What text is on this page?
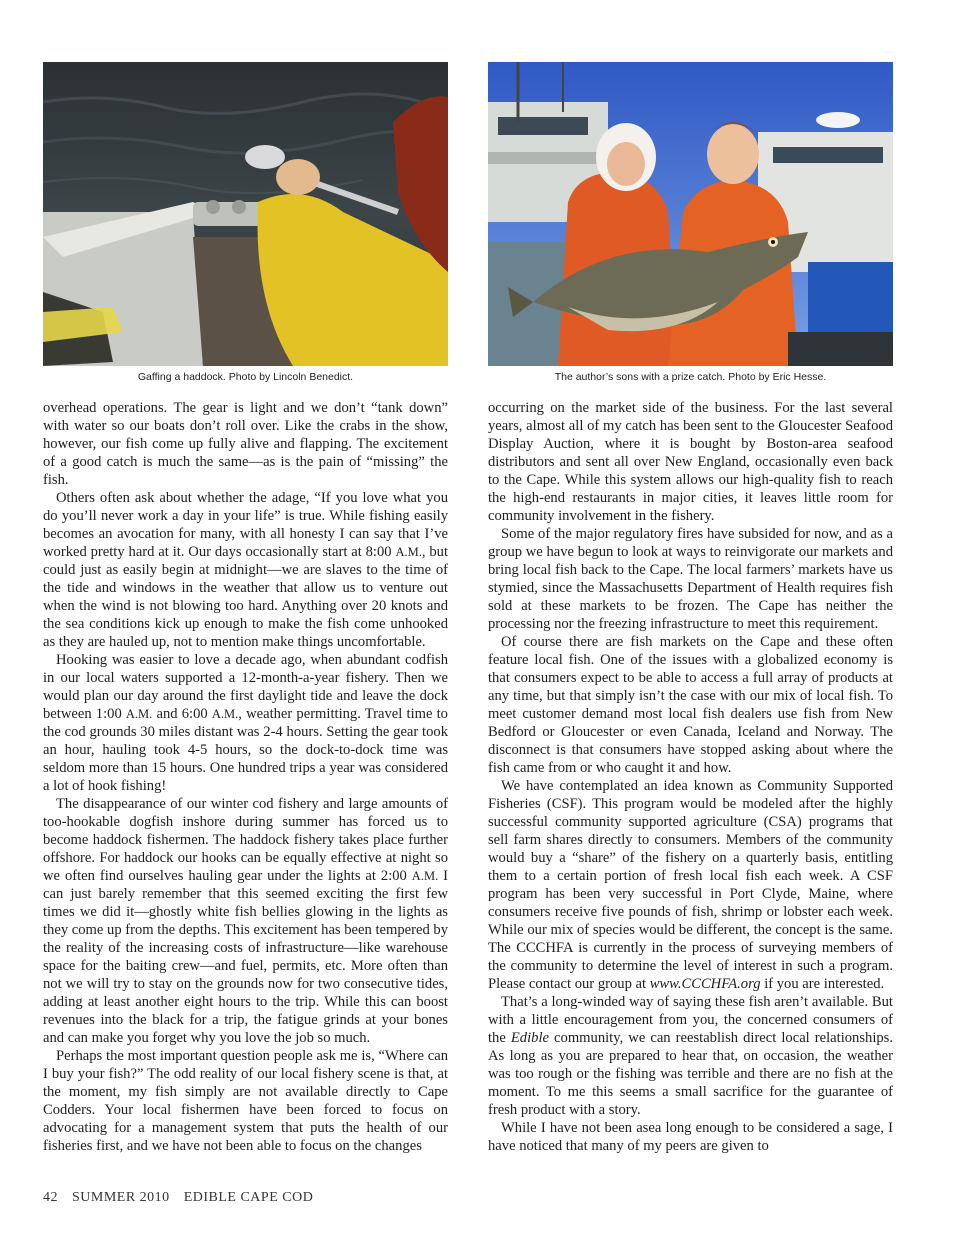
Gaffing a haddock. Photo by Lincoln Benedict.	The author’s sons with a prize catch. Photo by Eric Hesse.

overhead operations. The gear is light and we don’t “tank down” with water so our boats don’t roll over. Like the crabs in the show, however, our fish come up fully alive and flapping. The excitement of a good catch is much the same—as is the pain of “missing” the fish.

Others often ask about whether the adage, “If you love what you do you’ll never work a day in your life” is true. While fishing easily becomes an avocation for many, with all honesty I can say that I’ve worked pretty hard at it. Our days occasionally start at 8:00 A.M., but could just as easily begin at midnight—we are slaves to the time of the tide and windows in the weather that allow us to venture out when the wind is not blowing too hard. Anything over 20 knots and the sea conditions kick up enough to make the fish come unhooked as they are hauled up, not to mention make things uncomfortable.

Hooking was easier to love a decade ago, when abundant codfish in our local waters supported a 12-month-a-year fishery. Then we would plan our day around the first daylight tide and leave the dock between 1:00 A.M. and 6:00 A.M., weather permitting. Travel time to the cod grounds 30 miles distant was 2-4 hours. Setting the gear took an hour, hauling took 4-5 hours, so the dock-to-dock time was seldom more than 15 hours. One hundred trips a year was considered a lot of hook fishing!

The disappearance of our winter cod fishery and large amounts of too-hookable dogfish inshore during summer has forced us to become haddock fishermen. The haddock fishery takes place further offshore. For haddock our hooks can be equally effective at night so we often find ourselves hauling gear under the lights at 2:00 A.M. I can just barely remember that this seemed exciting the first few times we did it—ghostly white fish bellies glowing in the lights as they come up from the depths. This excitement has been tempered by the reality of the increasing costs of infrastructure—like warehouse space for the baiting crew—and fuel, permits, etc. More often than not we will try to stay on the grounds now for two consecutive tides, adding at least another eight hours to the trip. While this can boost revenues into the black for a trip, the fatigue grinds at your bones and can make you forget why you love the job so much.

Perhaps the most important question people ask me is, “Where can I buy your fish?” The odd reality of our local fishery scene is that, at the moment, my fish simply are not available directly to Cape Codders. Your local fishermen have been forced to focus on advocating for a management system that puts the health of our fisheries first, and we have not been able to focus on the changes

occurring on the market side of the business. For the last several years, almost all of my catch has been sent to the Gloucester Seafood Display Auction, where it is bought by Boston-area seafood distributors and sent all over New England, occasionally even back to the Cape. While this system allows our high-quality fish to reach the high-end restaurants in major cities, it leaves little room for community involvement in the fishery.

Some of the major regulatory fires have subsided for now, and as a group we have begun to look at ways to reinvigorate our markets and bring local fish back to the Cape. The local farmers’ markets have us stymied, since the Massachusetts Department of Health requires fish sold at these markets to be frozen. The Cape has neither the processing nor the freezing infrastructure to meet this requirement.

Of course there are fish markets on the Cape and these often feature local fish. One of the issues with a globalized economy is that consumers expect to be able to access a full array of products at any time, but that simply isn’t the case with our mix of local fish. To meet customer demand most local fish dealers use fish from New Bedford or Gloucester or even Canada, Iceland and Norway. The disconnect is that consumers have stopped asking about where the fish came from or who caught it and how.

We have contemplated an idea known as Community Supported Fisheries (CSF). This program would be modeled after the highly successful community supported agriculture (CSA) programs that sell farm shares directly to consumers. Members of the community would buy a “share” of the fishery on a quarterly basis, entitling them to a certain portion of fresh local fish each week. A CSF program has been very successful in Port Clyde, Maine, where consumers receive five pounds of fish, shrimp or lobster each week. While our mix of species would be different, the concept is the same. The CCCHFA is currently in the process of surveying members of the community to determine the level of interest in such a program. Please contact our group at www.CCCHFA.org if you are interested.

That’s a long-winded way of saying these fish aren’t available. But with a little encouragement from you, the concerned consumers of the Edible community, we can reestablish direct local relationships. As long as you are prepared to hear that, on occasion, the weather was too rough or the fishing was terrible and there are no fish at the moment. To me this seems a small sacrifice for the guarantee of fresh product with a story.

While I have not been asea long enough to be considered a sage, I have noticed that many of my peers are given to

42 SUMMER 2010 EDIBLE CAPE COD
